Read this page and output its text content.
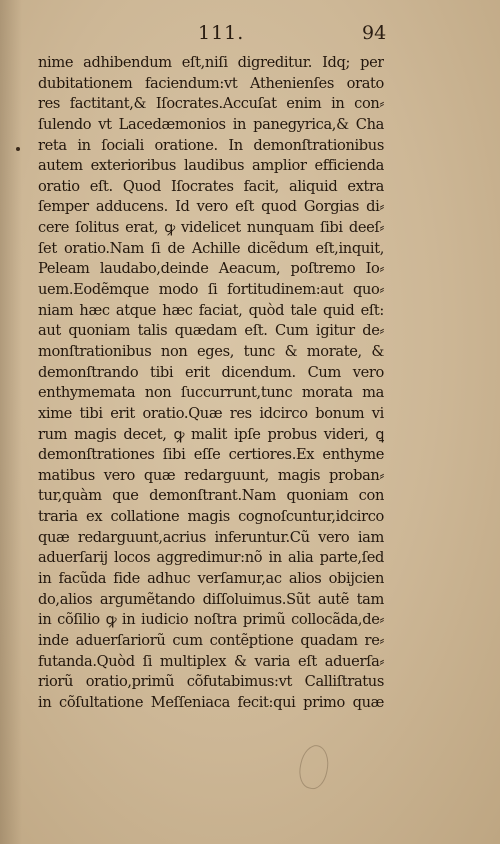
111.	94
nime adhibendum eſt,niſi digreditur. Idq; per
dubitationem faciendum:vt Athenienſes orato
res factitant,& Iſocrates.Accuſat enim in con⸗
ſulendo vt Lacedæmonios in panegyrica,& Cha
reta in ſociali oratione. In demonſtrationibus
autem exterioribus laudibus amplior efficienda
oratio eſt. Quod Iſocrates facit, aliquid extra
ſemper adducens. Id vero eſt quod Gorgias di⸗
cere ſolitus erat, ꝙ videlicet nunquam ſibi deeſ⸗
ſet oratio.Nam ſi de Achille dicẽdum eſt,inquit,
Peleam laudabo,deinde Aeacum, poſtremo Io⸗
uem.Eodẽmque modo ſi fortitudinem:aut quo⸗
niam hæc atque hæc faciat, quòd tale quid eſt:
aut quoniam talis quædam eſt. Cum igitur de⸗
monſtrationibus non eges, tunc & morate, &
demonſtrando tibi erit dicendum. Cum vero
enthymemata non ſuccurrunt,tunc morata ma
xime tibi erit oratio.Quæ res idcirco bonum vi
rum magis decet, ꝙ malit ipſe probus videri, ꝗ
demonſtrationes ſibi eſſe certiores.Ex enthyme
matibus vero quæ redarguunt, magis proban⸗
tur,quàm que demonſtrant.Nam quoniam con
traria ex collatione magis cognoſcuntur,idcirco
quæ redarguunt,acrius inferuntur.Cũ vero iam
aduerſarij locos aggredimur:nõ in alia parte,ſed
in facũda fide adhuc verſamur,ac alios obijcien
do,alios argumẽtando diſſoluimus.Sũt autẽ tam
in cõſilio ꝙ in iudicio noſtra primũ collocãda,de⸗
inde aduerſariorũ cum contẽptione quadam re⸗
futanda.Quòd ſi multiplex & varia eſt aduerſa⸗
riorũ oratio,primũ cõfutabimus:vt Calliſtratus
in cõſultatione Meſſeniaca fecit:qui primo quæ
